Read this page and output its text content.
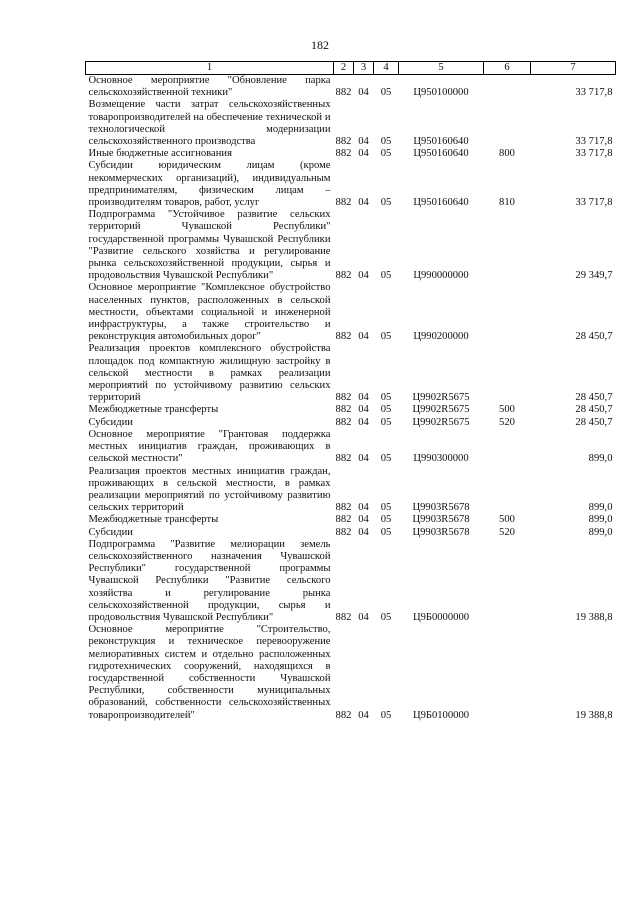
182
1	2	3	4	5	6	7
Основное мероприятие "Обновление парка сельскохозяйственной техники"	882	04	05	Ц950100000		33 717,8
Возмещение части затрат сельскохозяйственных товаропроизводителей на обеспечение технической и технологической модернизации сельскохозяйственного производства	882	04	05	Ц950160640		33 717,8
Иные бюджетные ассигнования	882	04	05	Ц950160640	800	33 717,8
Субсидии юридическим лицам (кроме некоммерческих организаций), индивидуальным предпринимателям, физическим лицам – производителям товаров, работ, услуг	882	04	05	Ц950160640	810	33 717,8
Подпрограмма "Устойчивое развитие сельских территорий Чувашской Республики" государственной программы Чувашской Республики "Развитие сельского хозяйства и регулирование рынка сельскохозяйственной продукции, сырья и продовольствия Чувашской Республики"	882	04	05	Ц990000000		29 349,7
Основное мероприятие "Комплексное обустройство населенных пунктов, расположенных в сельской местности, объектами социальной и инженерной инфраструктуры, а также строительство и реконструкция автомобильных дорог"	882	04	05	Ц990200000		28 450,7
Реализация проектов комплексного обустройства площадок под компактную жилищную застройку в сельской местности в рамках реализации мероприятий по устойчивому развитию сельских территорий	882	04	05	Ц9902R5675		28 450,7
Межбюджетные трансферты	882	04	05	Ц9902R5675	500	28 450,7
Субсидии	882	04	05	Ц9902R5675	520	28 450,7
Основное мероприятие "Грантовая поддержка местных инициатив граждан, проживающих в сельской местности"	882	04	05	Ц990300000		899,0
Реализация проектов местных инициатив граждан, проживающих в сельской местности, в рамках реализации мероприятий по устойчивому развитию сельских территорий	882	04	05	Ц9903R5678		899,0
Межбюджетные трансферты	882	04	05	Ц9903R5678	500	899,0
Субсидии	882	04	05	Ц9903R5678	520	899,0
Подпрограмма "Развитие мелиорации земель сельскохозяйственного назначения Чувашской Республики" государственной программы Чувашской Республики "Развитие сельского хозяйства и регулирование рынка сельскохозяйственной продукции, сырья и продовольствия Чувашской Республики"	882	04	05	Ц9Б0000000		19 388,8
Основное мероприятие "Строительство, реконструкция и техническое перевооружение мелиоративных систем и отдельно расположенных гидротехнических сооружений, находящихся в государственной собственности Чувашской Республики, собственности муниципальных образований, собственности сельскохозяйственных товаропроизводителей"	882	04	05	Ц9Б0100000		19 388,8
